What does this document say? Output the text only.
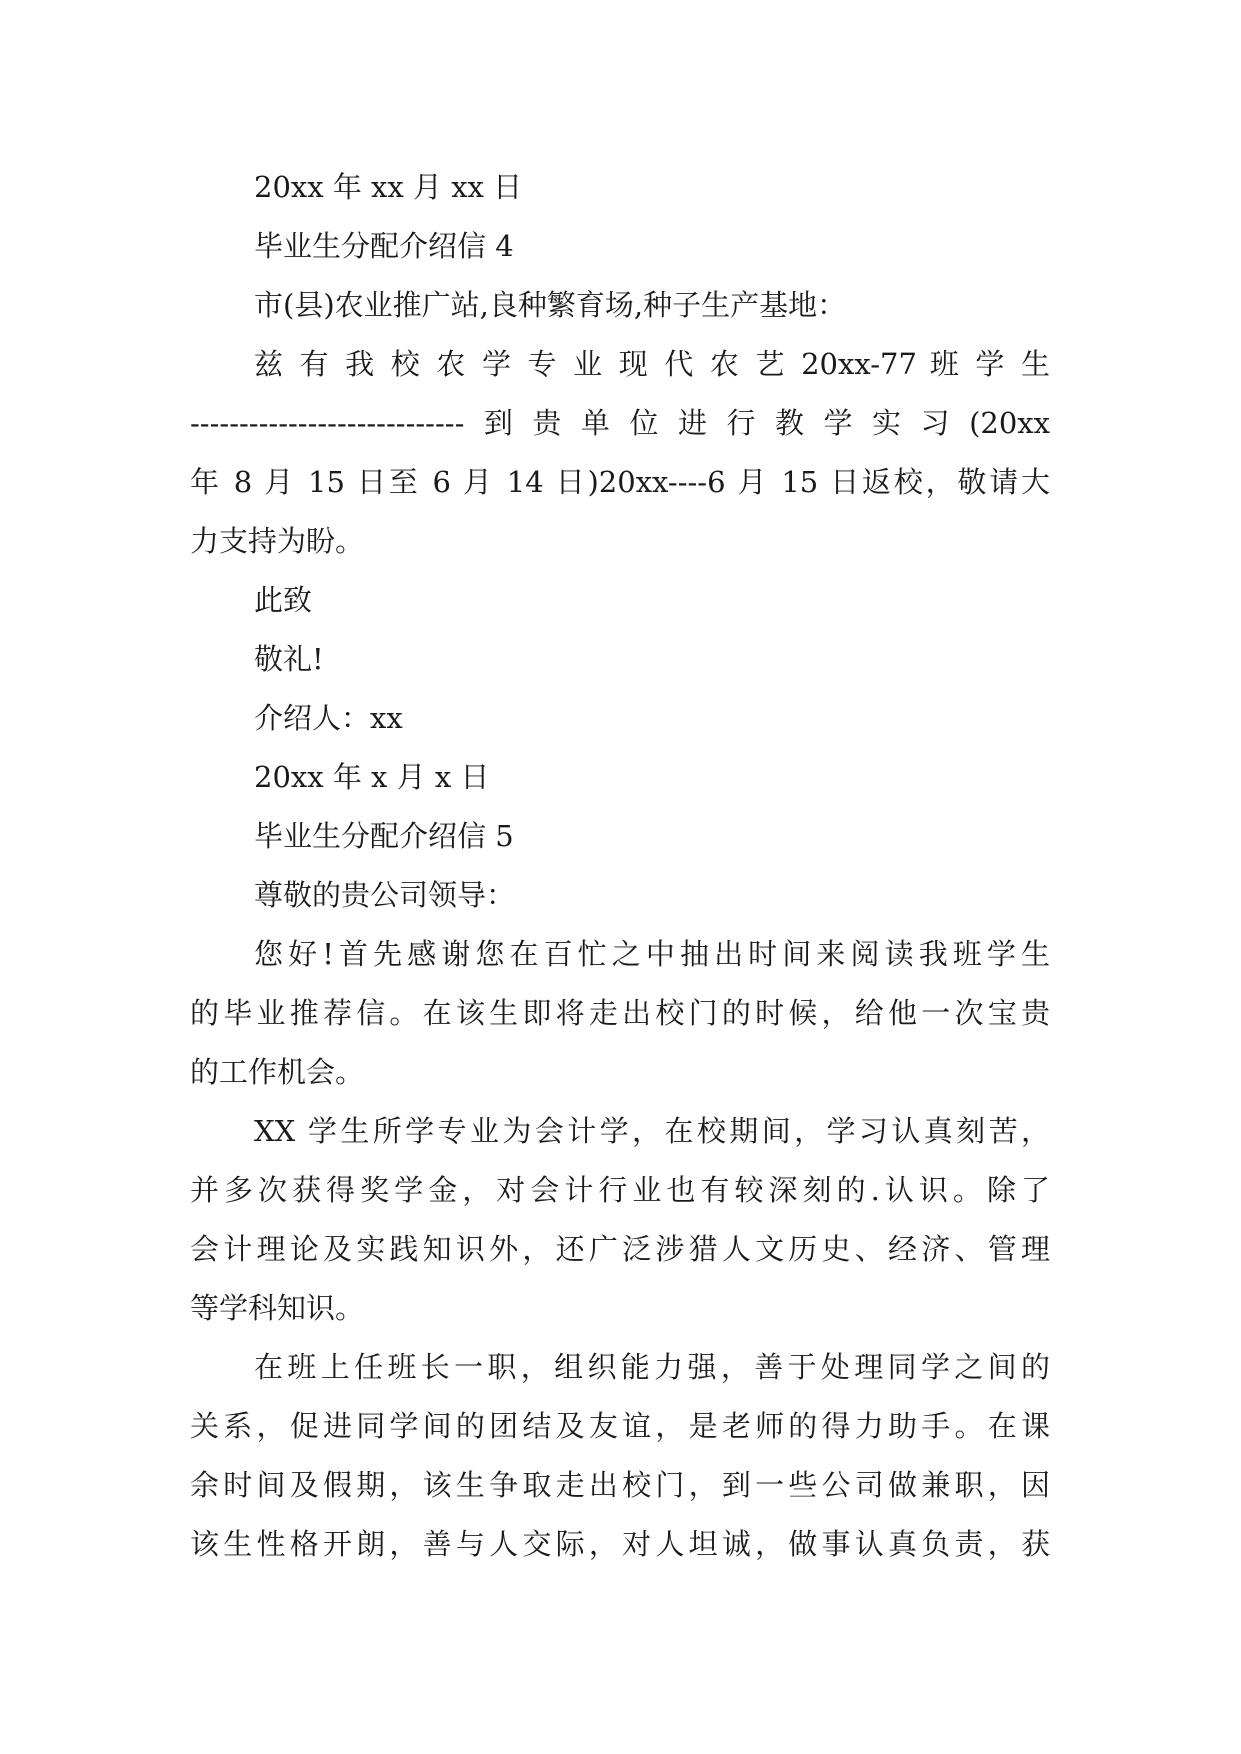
20xx 年 xx 月 xx 日
毕业生分配介绍信 4
市(县)农业推广站,良种繁育场,种子生产基地：
兹 有 我 校 农 学 专 业 现 代 农 艺 20xx-77 班 学 生
----------------------------到贵单位进行教学实习(20xx
年 8 月 15 日至 6 月 14 日)20xx----6 月 15 日返校，敬请大
力支持为盼。
此致
敬礼!
介绍人：xx
20xx 年 x 月 x 日
毕业生分配介绍信 5
尊敬的贵公司领导：
您好!首先感谢您在百忙之中抽出时间来阅读我班学生
的毕业推荐信。在该生即将走出校门的时候，给他一次宝贵
的工作机会。
XX 学生所学专业为会计学，在校期间，学习认真刻苦，
并多次获得奖学金，对会计行业也有较深刻的.认识。除了
会计理论及实践知识外，还广泛涉猎人文历史、经济、管理
等学科知识。
在班上任班长一职，组织能力强，善于处理同学之间的
关系，促进同学间的团结及友谊，是老师的得力助手。在课
余时间及假期，该生争取走出校门，到一些公司做兼职，因
该生性格开朗，善与人交际，对人坦诚，做事认真负责，获
